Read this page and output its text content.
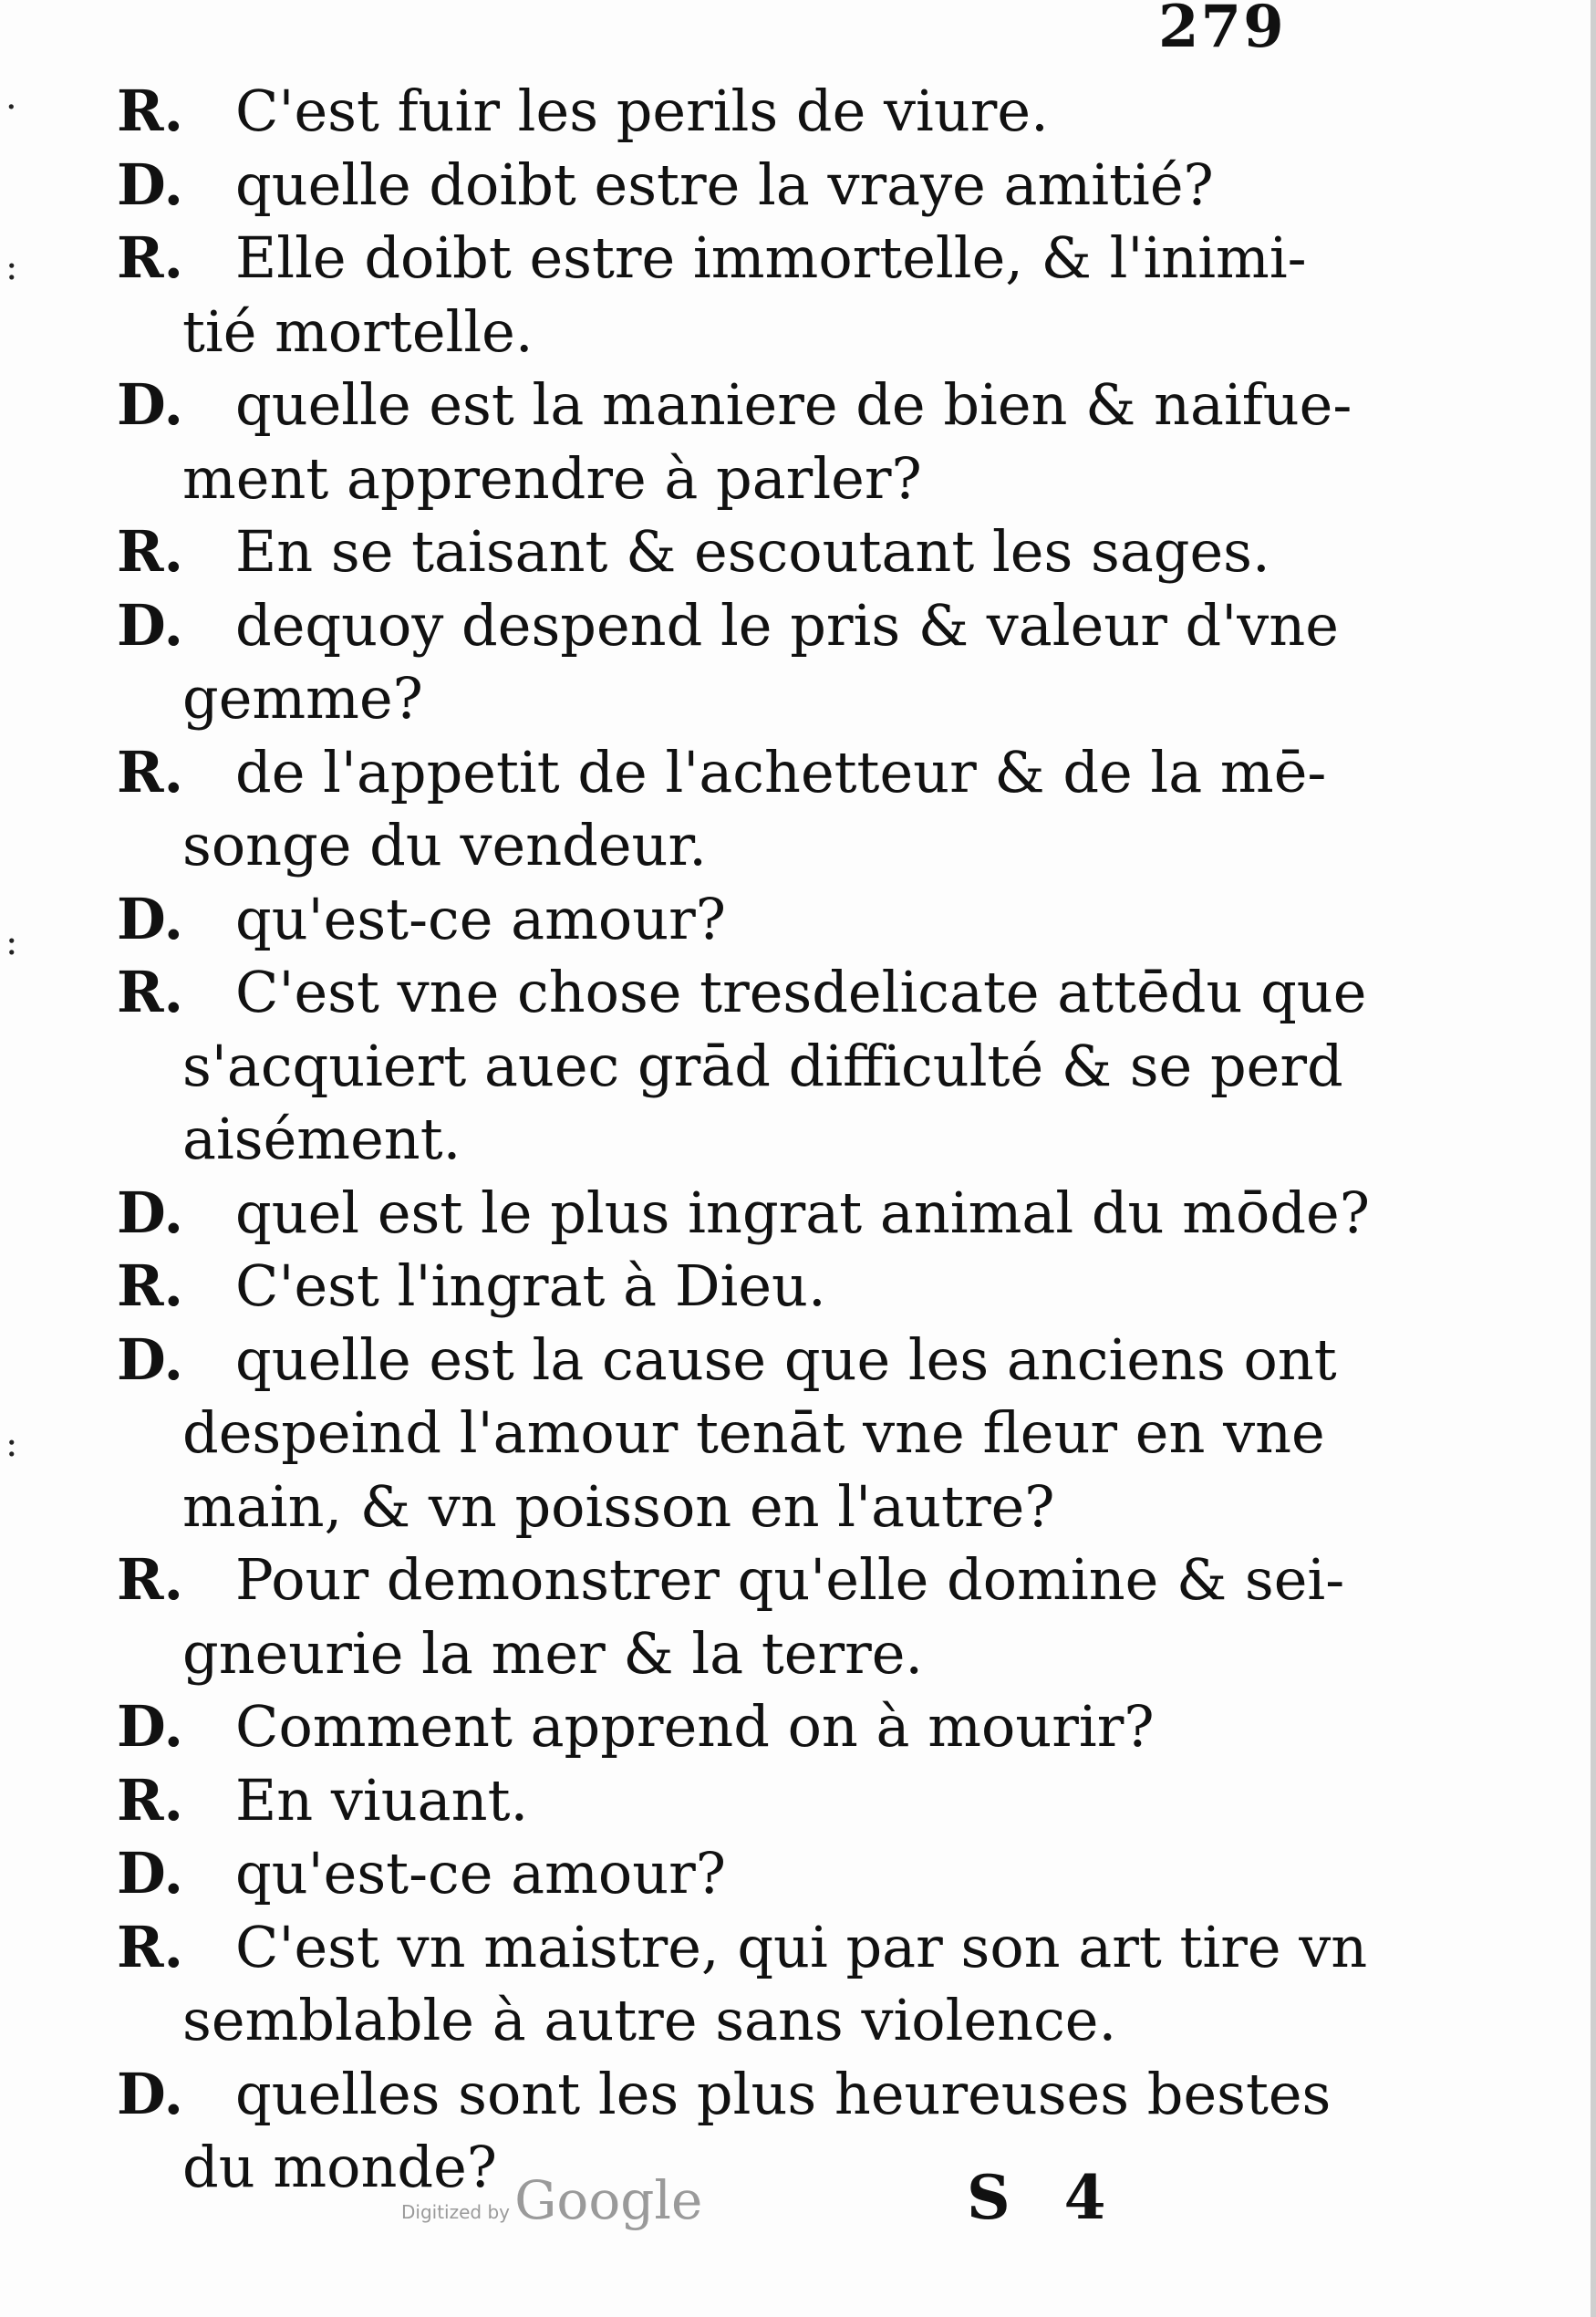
279
R. C'est fuir les perils de viure.
D. quelle doibt estre la vraye amitié?
R. Elle doibt estre immortelle, & l'inimi-
tié mortelle.
D. quelle est la maniere de bien & naifue-
ment apprendre à parler?
R. En se taisant & escoutant les sages.
D. dequoy despend le pris & valeur d'vne
gemme?
R. de l'appetit de l'achetteur & de la mē-
songe du vendeur.
D. qu'est-ce amour?
R. C'est vne chose tresdelicate attēdu que
s'acquiert auec grād difficulté & se perd
aisément.
D. quel est le plus ingrat animal du mōde?
R. C'est l'ingrat à Dieu.
D. quelle est la cause que les anciens ont
despeind l'amour tenāt vne fleur en vne
main, & vn poisson en l'autre?
R. Pour demonstrer qu'elle domine & sei-
gneurie la mer & la terre.
D. Comment apprend on à mourir?
R. En viuant.
D. qu'est-ce amour?
R. C'est vn maistre, qui par son art tire vn
semblable à autre sans violence.
D. quelles sont les plus heureuses bestes
du monde?	S 4
Digitized by Google
·
:
:
:
